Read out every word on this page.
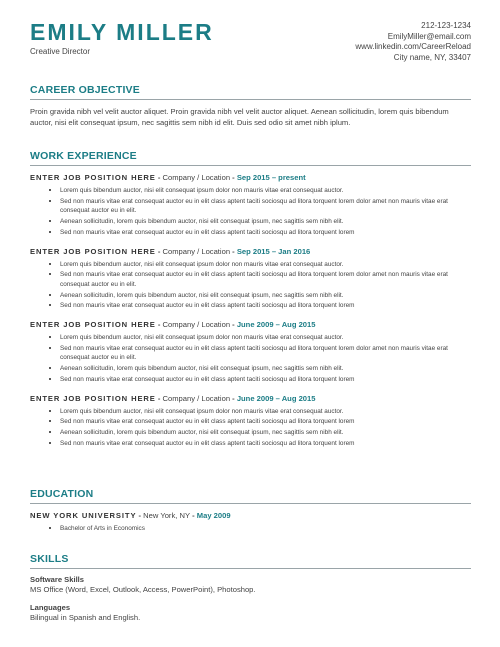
EMILY MILLER
Creative Director
212-123-1234
EmilyMiller@email.com
www.linkedin.com/CareerReload
City name, NY, 33407
CAREER OBJECTIVE

Proin gravida nibh vel velit auctor aliquet. Proin gravida nibh vel velit auctor aliquet. Aenean sollicitudin, lorem quis bibendum auctor, nisi elit consequat ipsum, nec sagittis sem nibh id elit. Duis sed odio sit amet nibh iplum.

WORK EXPERIENCE
ENTER JOB POSITION HERE - Company / Location - Sep 2015 – present
• Lorem quis bibendum auctor, nisi elit consequat ipsum dolor non mauris vitae erat consequat auctor.
• Sed non mauris vitae erat consequat auctor eu in elit class aptent taciti sociosqu ad litora torquent lorem dolor amet non mauris vitae erat consequat auctor eu in elit.
• Aenean sollicitudin, lorem quis bibendum auctor, nisi elit consequat ipsum, nec sagittis sem nibh elit.
• Sed non mauris vitae erat consequat auctor eu in elit class aptent taciti sociosqu ad litora torquent lorem
ENTER JOB POSITION HERE - Company / Location - Sep 2015 – Jan 2016
• Lorem quis bibendum auctor, nisi elit consequat ipsum dolor non mauris vitae erat consequat auctor.
• Sed non mauris vitae erat consequat auctor eu in elit class aptent taciti sociosqu ad litora torquent lorem dolor amet non mauris vitae erat consequat auctor eu in elit.
• Aenean sollicitudin, lorem quis bibendum auctor, nisi elit consequat ipsum, nec sagittis sem nibh elit.
• Sed non mauris vitae erat consequat auctor eu in elit class aptent taciti sociosqu ad litora torquent lorem
ENTER JOB POSITION HERE - Company / Location - June 2009 – Aug 2015
• Lorem quis bibendum auctor, nisi elit consequat ipsum dolor non mauris vitae erat consequat auctor.
• Sed non mauris vitae erat consequat auctor eu in elit class aptent taciti sociosqu ad litora torquent lorem dolor amet non mauris vitae erat consequat auctor eu in elit.
• Aenean sollicitudin, lorem quis bibendum auctor, nisi elit consequat ipsum, nec sagittis sem nibh elit.
• Sed non mauris vitae erat consequat auctor eu in elit class aptent taciti sociosqu ad litora torquent lorem
ENTER JOB POSITION HERE - Company / Location - June 2009 – Aug 2015
• Lorem quis bibendum auctor, nisi elit consequat ipsum dolor non mauris vitae erat consequat auctor.
• Sed non mauris vitae erat consequat auctor eu in elit class aptent taciti sociosqu ad litora torquent lorem
• Aenean sollicitudin, lorem quis bibendum auctor, nisi elit consequat ipsum, nec sagittis sem nibh elit.
• Sed non mauris vitae erat consequat auctor eu in elit class aptent taciti sociosqu ad litora torquent lorem
EDUCATION
NEW YORK UNIVERSITY - New York, NY - May 2009
• Bachelor of Arts in Economics
SKILLS
Software Skills
MS Office (Word, Excel, Outlook, Access, PowerPoint), Photoshop.
Languages
Bilingual in Spanish and English.
